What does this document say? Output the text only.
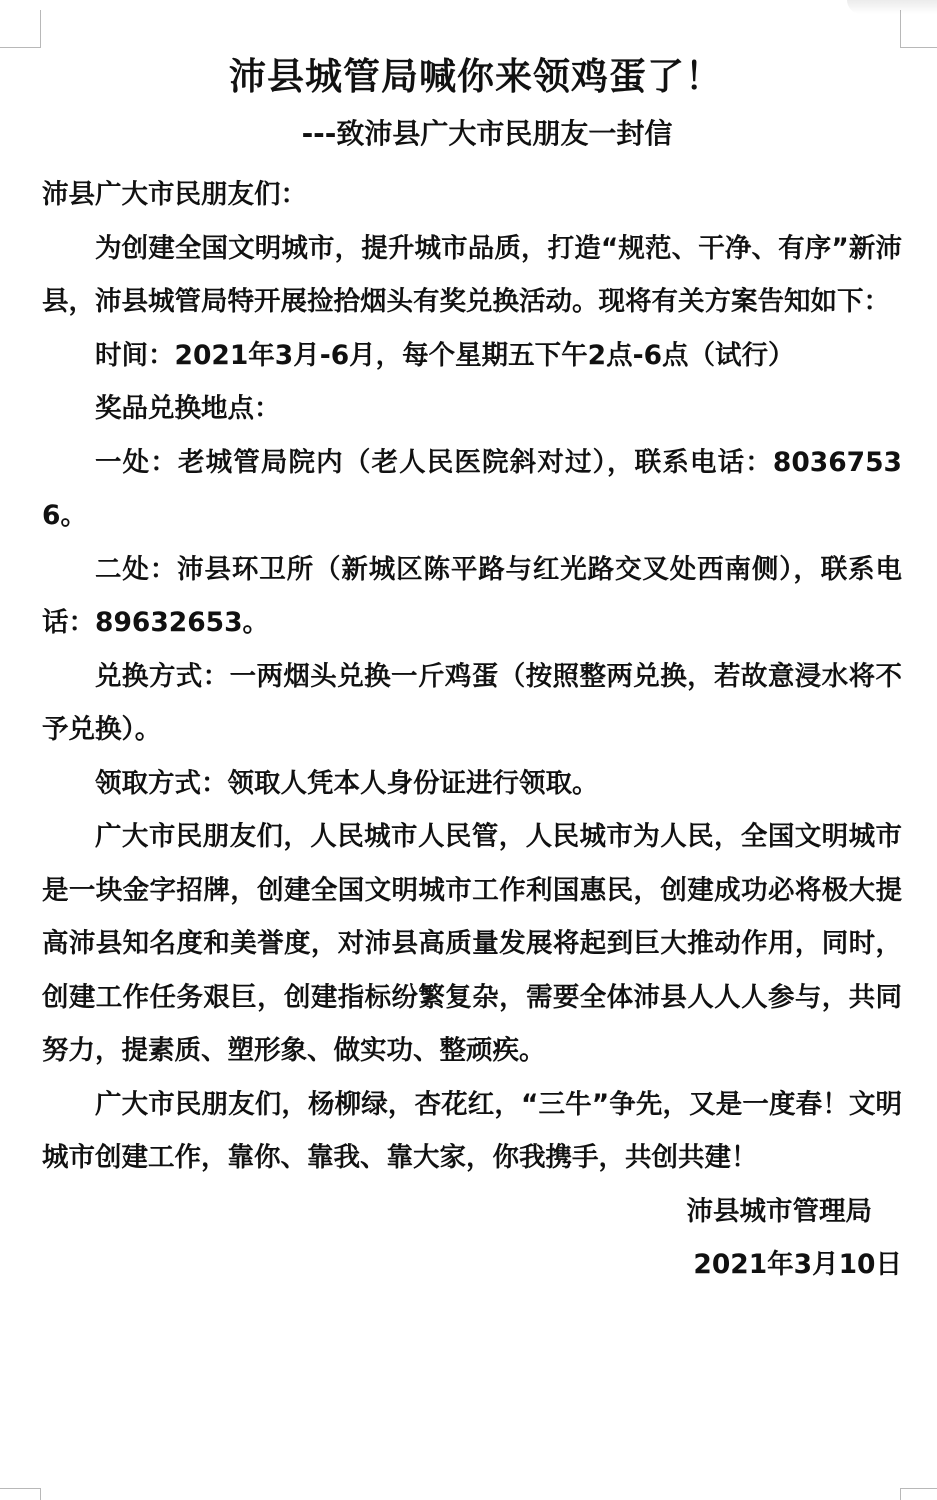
沛县城管局喊你来领鸡蛋了！
---致沛县广大市民朋友一封信

沛县广大市民朋友们：

为创建全国文明城市，提升城市品质，打造“规范、干净、有序”新沛县，沛县城管局特开展捡拾烟头有奖兑换活动。现将有关方案告知如下：

时间：2021年3月-6月，每个星期五下午2点-6点（试行）

奖品兑换地点：

一处：老城管局院内（老人民医院斜对过），联系电话：80367536。

二处：沛县环卫所（新城区陈平路与红光路交叉处西南侧），联系电话：89632653。

兑换方式：一两烟头兑换一斤鸡蛋（按照整两兑换，若故意浸水将不予兑换）。

领取方式：领取人凭本人身份证进行领取。

广大市民朋友们，人民城市人民管，人民城市为人民，全国文明城市是一块金字招牌，创建全国文明城市工作利国惠民，创建成功必将极大提高沛县知名度和美誉度，对沛县高质量发展将起到巨大推动作用，同时，创建工作任务艰巨，创建指标纷繁复杂，需要全体沛县人人人参与，共同努力，提素质、塑形象、做实功、整顽疾。

广大市民朋友们，杨柳绿，杏花红，“三牛”争先，又是一度春！文明城市创建工作，靠你、靠我、靠大家，你我携手，共创共建！

沛县城市管理局
2021年3月10日
